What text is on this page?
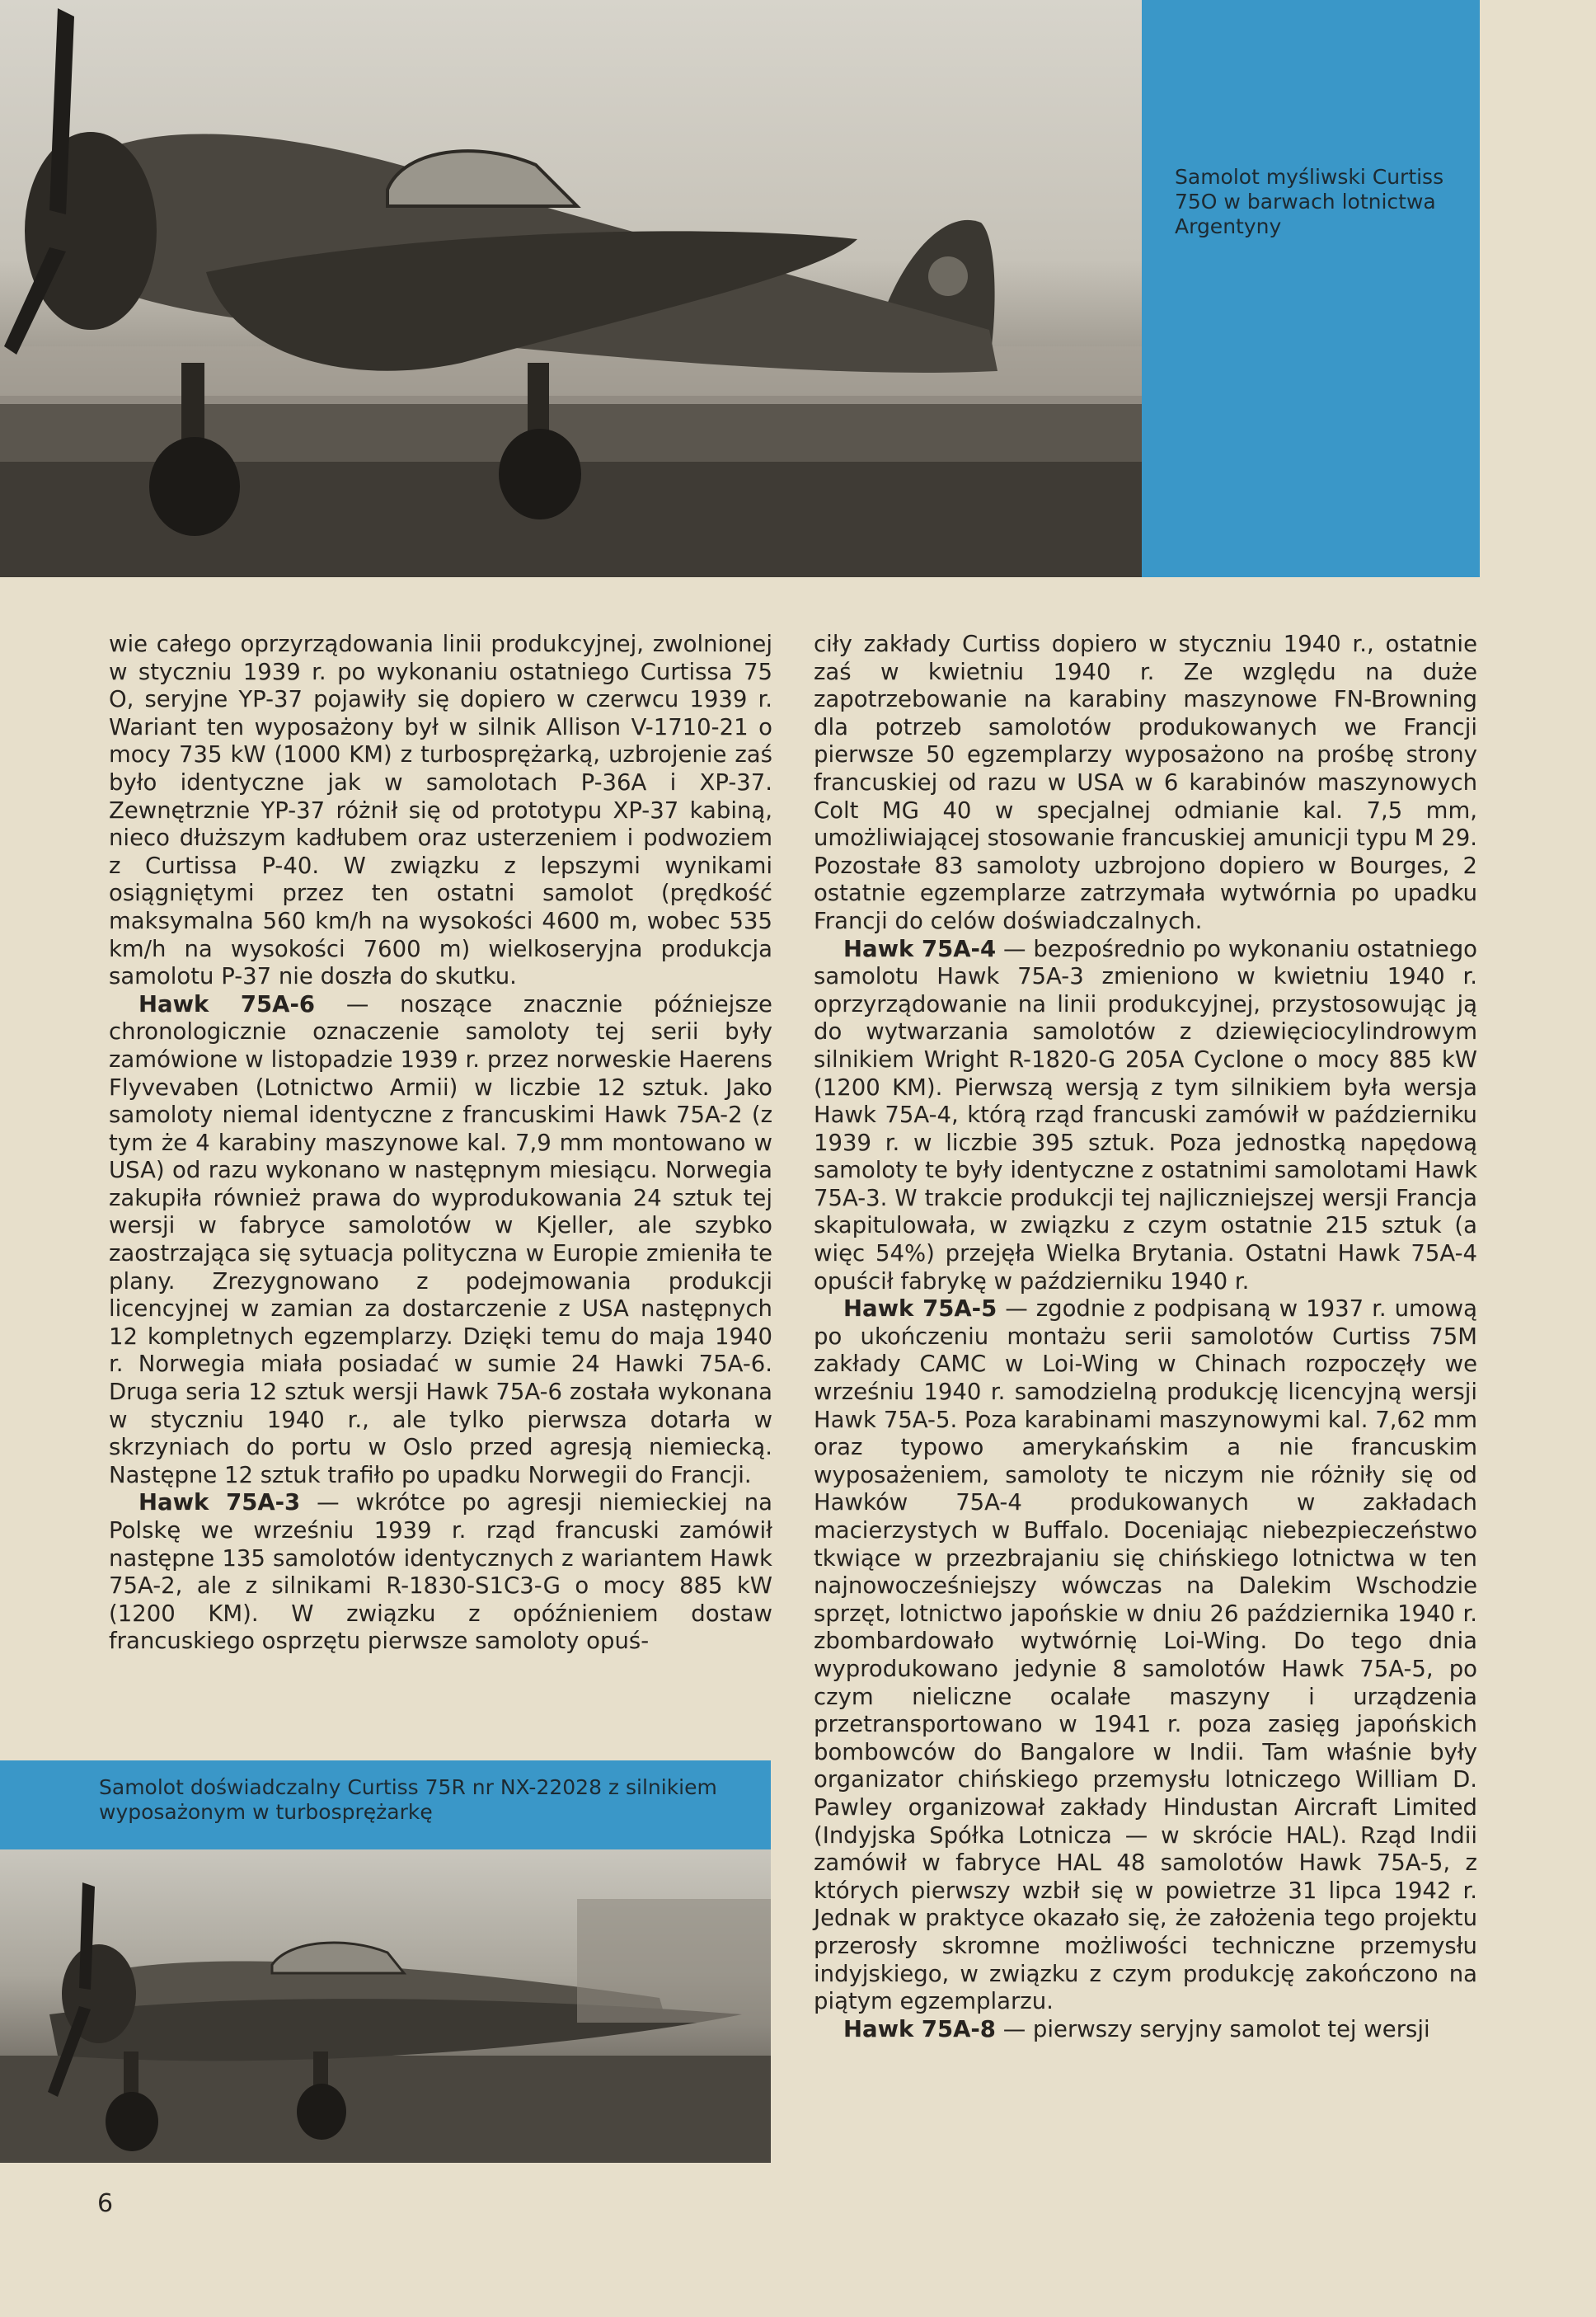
Samolot myśliwski Curtiss 75O w barwach lotnictwa Argentyny

wie całego oprzyrządowania linii produkcyjnej, zwolnionej w styczniu 1939 r. po wykonaniu ostatniego Curtissa 75 O, seryjne YP-37 pojawiły się dopiero w czerwcu 1939 r. Wariant ten wyposażony był w silnik Allison V-1710-21 o mocy 735 kW (1000 KM) z turbosprężarką, uzbrojenie zaś było identyczne jak w samolotach P-36A i XP-37. Zewnętrznie YP-37 różnił się od prototypu XP-37 kabiną, nieco dłuższym kadłubem oraz usterzeniem i podwoziem z Curtissa P-40. W związku z lepszymi wynikami osiągniętymi przez ten ostatni samolot (prędkość maksymalna 560 km/h na wysokości 4600 m, wobec 535 km/h na wysokości 7600 m) wielkoseryjna produkcja samolotu P-37 nie doszła do skutku.

Hawk 75A-6 — noszące znacznie późniejsze chronologicznie oznaczenie samoloty tej serii były zamówione w listopadzie 1939 r. przez norweskie Haerens Flyvevaben (Lotnictwo Armii) w liczbie 12 sztuk. Jako samoloty niemal identyczne z francuskimi Hawk 75A-2 (z tym że 4 karabiny maszynowe kal. 7,9 mm montowano w USA) od razu wykonano w następnym miesiącu. Norwegia zakupiła również prawa do wyprodukowania 24 sztuk tej wersji w fabryce samolotów w Kjeller, ale szybko zaostrzająca się sytuacja polityczna w Europie zmieniła te plany. Zrezygnowano z podejmowania produkcji licencyjnej w zamian za dostarczenie z USA następnych 12 kompletnych egzemplarzy. Dzięki temu do maja 1940 r. Norwegia miała posiadać w sumie 24 Hawki 75A-6. Druga seria 12 sztuk wersji Hawk 75A-6 została wykonana w styczniu 1940 r., ale tylko pierwsza dotarła w skrzyniach do portu w Oslo przed agresją niemiecką. Następne 12 sztuk trafiło po upadku Norwegii do Francji.

Hawk 75A-3 — wkrótce po agresji niemieckiej na Polskę we wrześniu 1939 r. rząd francuski zamówił następne 135 samolotów identycznych z wariantem Hawk 75A-2, ale z silnikami R-1830-S1C3-G o mocy 885 kW (1200 KM). W związku z opóźnieniem dostaw francuskiego osprzętu pierwsze samoloty opuś-

ciły zakłady Curtiss dopiero w styczniu 1940 r., ostatnie zaś w kwietniu 1940 r. Ze względu na duże zapotrzebowanie na karabiny maszynowe FN-Browning dla potrzeb samolotów produkowanych we Francji pierwsze 50 egzemplarzy wyposażono na prośbę strony francuskiej od razu w USA w 6 karabinów maszynowych Colt MG 40 w specjalnej odmianie kal. 7,5 mm, umożliwiającej stosowanie francuskiej amunicji typu M 29. Pozostałe 83 samoloty uzbrojono dopiero w Bourges, 2 ostatnie egzemplarze zatrzymała wytwórnia po upadku Francji do celów doświadczalnych.

Hawk 75A-4 — bezpośrednio po wykonaniu ostatniego samolotu Hawk 75A-3 zmieniono w kwietniu 1940 r. oprzyrządowanie na linii produkcyjnej, przystosowując ją do wytwarzania samolotów z dziewięciocylindrowym silnikiem Wright R-1820-G 205A Cyclone o mocy 885 kW (1200 KM). Pierwszą wersją z tym silnikiem była wersja Hawk 75A-4, którą rząd francuski zamówił w październiku 1939 r. w liczbie 395 sztuk. Poza jednostką napędową samoloty te były identyczne z ostatnimi samolotami Hawk 75A-3. W trakcie produkcji tej najliczniejszej wersji Francja skapitulowała, w związku z czym ostatnie 215 sztuk (a więc 54%) przejęła Wielka Brytania. Ostatni Hawk 75A-4 opuścił fabrykę w październiku 1940 r.

Hawk 75A-5 — zgodnie z podpisaną w 1937 r. umową po ukończeniu montażu serii samolotów Curtiss 75M zakłady CAMC w Loi-Wing w Chinach rozpoczęły we wrześniu 1940 r. samodzielną produkcję licencyjną wersji Hawk 75A-5. Poza karabinami maszynowymi kal. 7,62 mm oraz typowo amerykańskim a nie francuskim wyposażeniem, samoloty te niczym nie różniły się od Hawków 75A-4 produkowanych w zakładach macierzystych w Buffalo. Doceniając niebezpieczeństwo tkwiące w przezbrajaniu się chińskiego lotnictwa w ten najnowocześniejszy wówczas na Dalekim Wschodzie sprzęt, lotnictwo japońskie w dniu 26 października 1940 r. zbombardowało wytwórnię Loi-Wing. Do tego dnia wyprodukowano jedynie 8 samolotów Hawk 75A-5, po czym nieliczne ocalałe maszyny i urządzenia przetransportowano w 1941 r. poza zasięg japońskich bombowców do Bangalore w Indii. Tam właśnie były organizator chińskiego przemysłu lotniczego William D. Pawley organizował zakłady Hindustan Aircraft Limited (Indyjska Spółka Lotnicza — w skrócie HAL). Rząd Indii zamówił w fabryce HAL 48 samolotów Hawk 75A-5, z których pierwszy wzbił się w powietrze 31 lipca 1942 r. Jednak w praktyce okazało się, że założenia tego projektu przerosły skromne możliwości techniczne przemysłu indyjskiego, w związku z czym produkcję zakończono na piątym egzemplarzu.

Hawk 75A-8 — pierwszy seryjny samolot tej wersji

Samolot doświadczalny Curtiss 75R nr NX-22028 z silnikiem wyposażonym w turbosprężarkę

6
